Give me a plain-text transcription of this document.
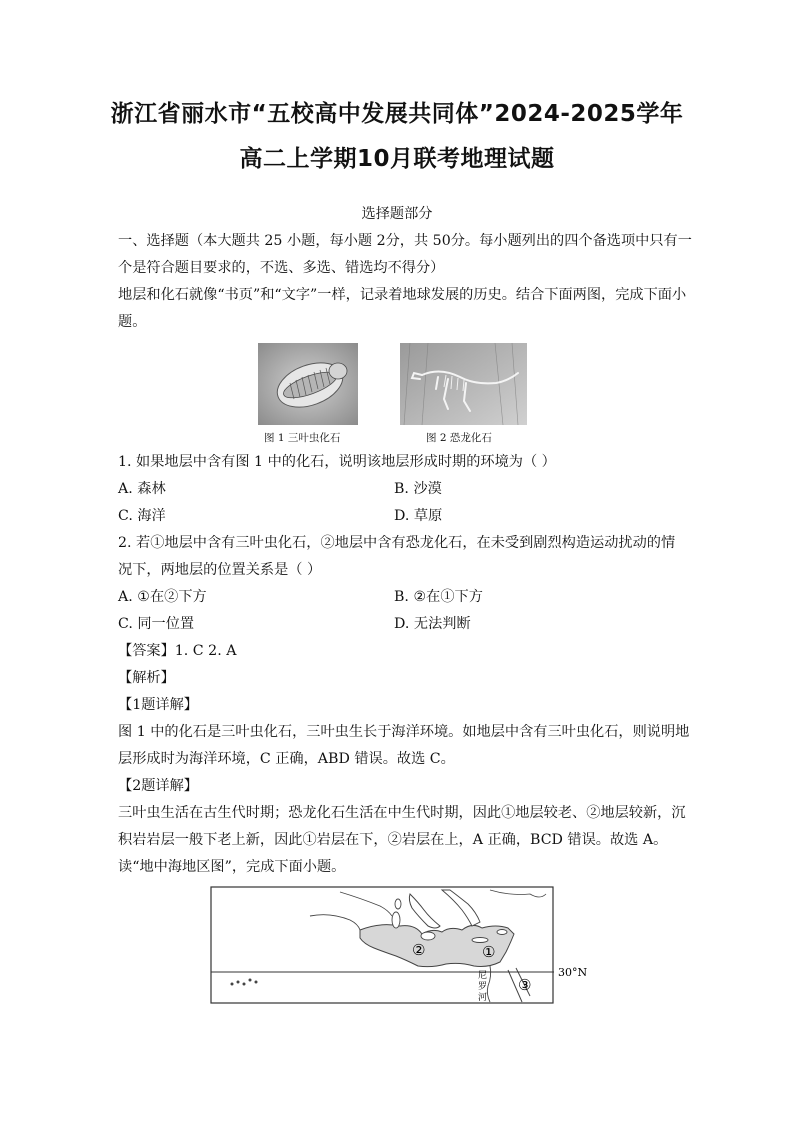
浙江省丽水市“五校高中发展共同体”2024-2025学年
高二上学期10月联考地理试题
选择题部分
一、选择题（本大题共 25 小题，每小题 2分，共 50分。每小题列出的四个备选项中只有一
个是符合题目要求的，不选、多选、错选均不得分）
地层和化石就像“书页”和“文字”一样，记录着地球发展的历史。结合下面两图，完成下面小
题。
图 1 三叶虫化石	图 2 恐龙化石
1. 如果地层中含有图 1 中的化石，说明该地层形成时期的环境为（ ）
A. 森林	B. 沙漠
C. 海洋	D. 草原
2. 若①地层中含有三叶虫化石，②地层中含有恐龙化石，在未受到剧烈构造运动扰动的情
况下，两地层的位置关系是（ ）
A. ①在②下方	B. ②在①下方
C. 同一位置	D. 无法判断
【答案】1. C 2. A
【解析】
【1题详解】
图 1 中的化石是三叶虫化石，三叶虫生长于海洋环境。如地层中含有三叶虫化石，则说明地
层形成时为海洋环境，C 正确，ABD 错误。故选 C。
【2题详解】
三叶虫生活在古生代时期；恐龙化石生活在中生代时期，因此①地层较老、②地层较新，沉
积岩岩层一般下老上新，因此①岩层在下，②岩层在上，A 正确，BCD 错误。故选 A。
读“地中海地区图”，完成下面小题。
30°N
②	①
③
尼
罗
河
